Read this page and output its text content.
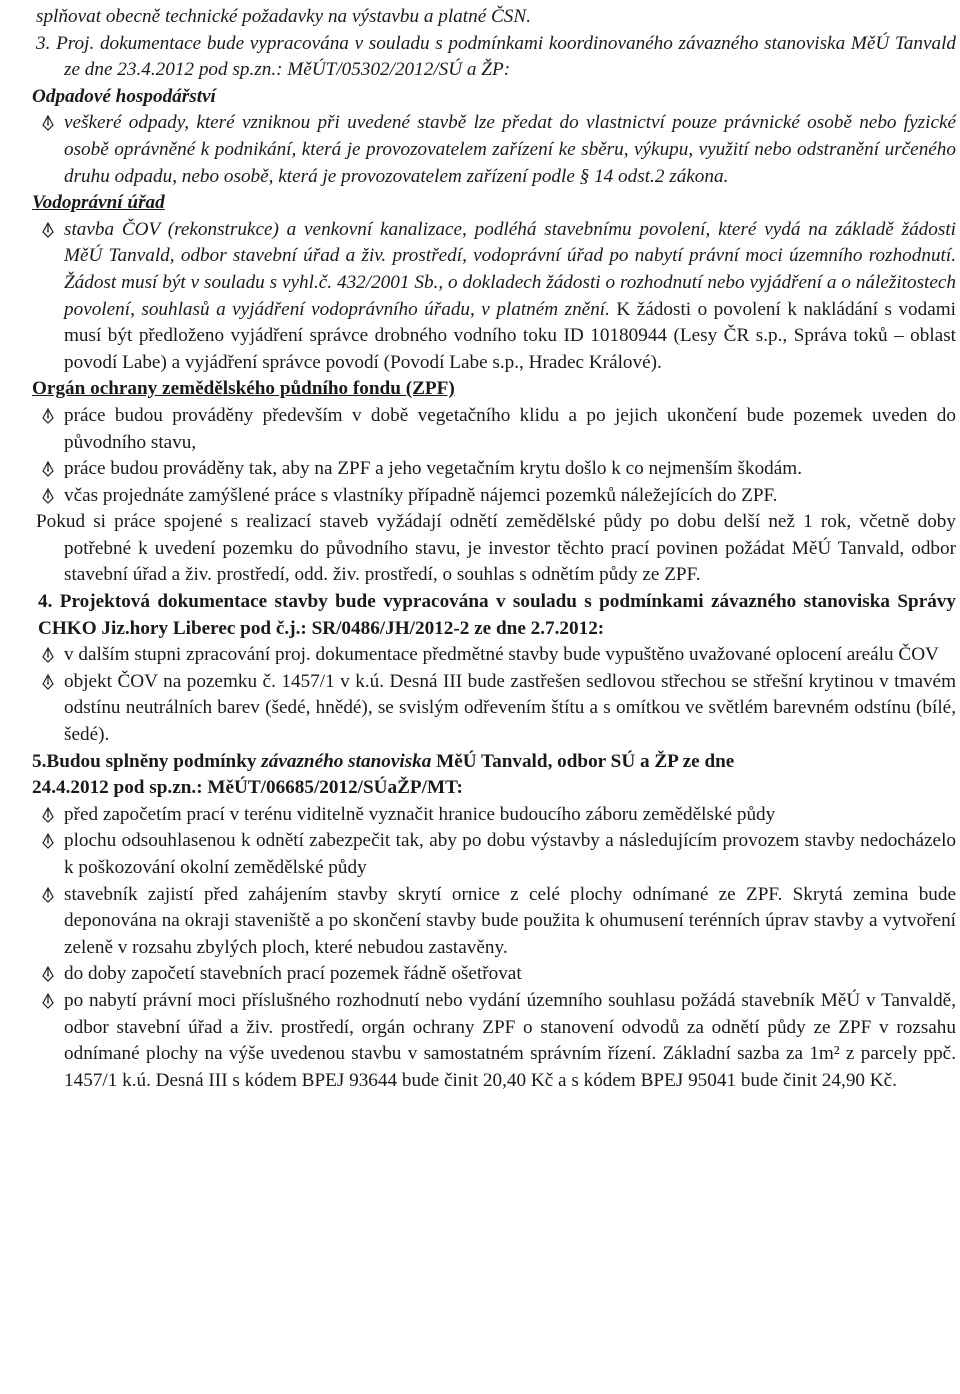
splňovat obecně technické požadavky na výstavbu a platné ČSN.

3. Proj. dokumentace bude vypracována v souladu s podmínkami koordinovaného závazného stanoviska MěÚ Tanvald ze dne 23.4.2012 pod sp.zn.: MěÚT/05302/2012/SÚ a ŽP:

Odpadové hospodářství

veškeré odpady, které vzniknou při uvedené stavbě lze předat do vlastnictví pouze právnické osobě nebo fyzické osobě oprávněné k podnikání, která je provozovatelem zařízení ke sběru, výkupu, využití nebo odstranění určeného druhu odpadu, nebo osobě, která je provozovatelem zařízení podle § 14 odst.2 zákona.

Vodoprávní úřad

stavba ČOV (rekonstrukce) a venkovní kanalizace, podléhá stavebnímu povolení, které vydá na základě žádosti MěÚ Tanvald, odbor stavební úřad a živ. prostředí, vodoprávní úřad po nabytí právní moci územního rozhodnutí. Žádost musí být v souladu s vyhl.č. 432/2001 Sb., o dokladech žádosti o rozhodnutí nebo vyjádření a o náležitostech povolení, souhlasů a vyjádření vodoprávního úřadu, v platném znění. K žádosti o povolení k nakládání s vodami musí být předloženo vyjádření správce drobného vodního toku ID 10180944 (Lesy ČR s.p., Správa toků – oblast povodí Labe) a vyjádření správce povodí (Povodí Labe s.p., Hradec Králové).

Orgán ochrany zemědělského půdního fondu (ZPF)

práce budou prováděny především v době vegetačního klidu a po jejich ukončení bude pozemek uveden do původního stavu,
práce budou prováděny tak, aby na ZPF a jeho vegetačním krytu došlo k co nejmenším škodám.
včas projednáte zamýšlené práce s vlastníky případně nájemci pozemků náležejících do ZPF.

Pokud si práce spojené s realizací staveb vyžádají odnětí zemědělské půdy po dobu delší než 1 rok, včetně doby potřebné k uvedení pozemku do původního stavu, je investor těchto prací povinen požádat MěÚ Tanvald, odbor stavební úřad a živ. prostředí, odd. živ. prostředí, o souhlas s odnětím půdy ze ZPF.

4. Projektová dokumentace stavby bude vypracována v souladu s podmínkami závazného stanoviska Správy CHKO Jiz.hory Liberec pod č.j.: SR/0486/JH/2012-2 ze dne 2.7.2012:

v dalším stupni zpracování proj. dokumentace předmětné stavby bude vypuštěno uvažované oplocení areálu ČOV
objekt ČOV na pozemku č. 1457/1 v k.ú. Desná III bude zastřešen sedlovou střechou se střešní krytinou v tmavém odstínu neutrálních barev (šedé, hnědé), se svislým odřevením štítu a s omítkou ve světlém barevném odstínu (bílé, šedé).

5.Budou splněny podmínky závazného stanoviska MěÚ Tanvald, odbor SÚ a ŽP ze dne

24.4.2012 pod sp.zn.: MěÚT/06685/2012/SÚaŽP/MT:

před započetím prací v terénu viditelně vyznačit hranice budoucího záboru zemědělské půdy
plochu odsouhlasenou k odnětí zabezpečit tak, aby po dobu výstavby a následujícím provozem stavby nedocházelo k poškozování okolní zemědělské půdy
stavebník zajistí před zahájením stavby skrytí ornice z celé plochy odnímané ze ZPF. Skrytá zemina bude deponována na okraji staveniště a po skončení stavby bude použita k ohumusení terénních úprav stavby a vytvoření zeleně v rozsahu zbylých ploch, které nebudou zastavěny.
do doby započetí stavebních prací pozemek řádně ošetřovat
po nabytí právní moci příslušného rozhodnutí nebo vydání územního souhlasu požádá stavebník MěÚ v Tanvaldě, odbor stavební úřad a živ. prostředí, orgán ochrany ZPF o stanovení odvodů za odnětí půdy ze ZPF v rozsahu odnímané plochy na výše uvedenou stavbu v samostatném správním řízení. Základní sazba za 1m² z parcely ppč. 1457/1 k.ú. Desná III s kódem BPEJ 93644 bude činit 20,40 Kč a s kódem BPEJ 95041 bude činit 24,90 Kč.
